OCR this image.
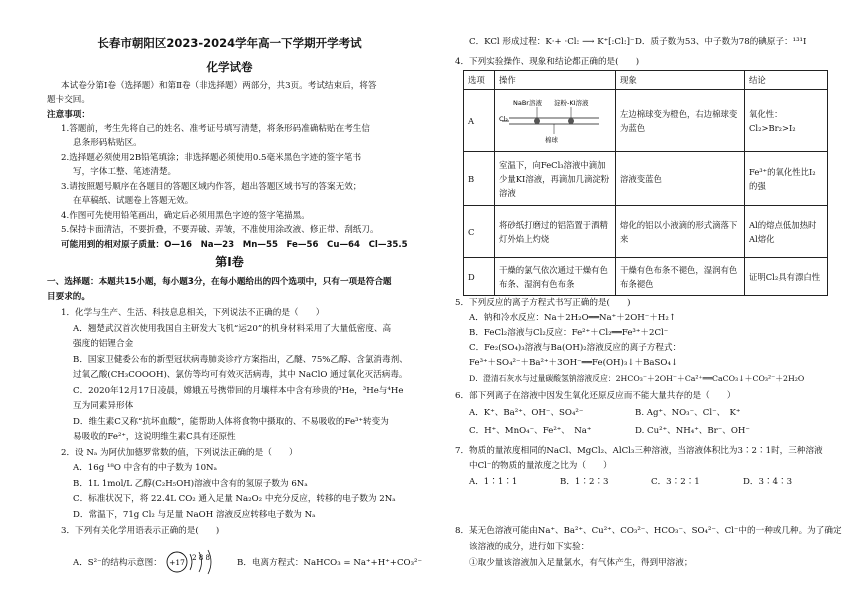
长春市朝阳区2023-2024学年高一下学期开学考试
化学试卷
本试卷分第Ⅰ卷（选择题）和第Ⅱ卷（非选择题）两部分，共3页。考试结束后，将答
题卡交回。
注意事项：
1.答题前，考生先将自己的姓名、准考证号填写清楚，将条形码准确粘贴在考生信
息条形码粘贴区。
2.选择题必须使用2B铅笔填涂；非选择题必须使用0.5毫米黑色字迹的签字笔书
写，字体工整、笔迹清楚。
3.请按照题号顺序在各题目的答题区域内作答，超出答题区域书写的答案无效；
在草稿纸、试题卷上答题无效。
4.作图可先使用铅笔画出，确定后必须用黑色字迹的签字笔描黑。
5.保持卡面清洁，不要折叠，不要弄破、弄皱，不准使用涂改液、修正带、刮纸刀。
可能用到的相对原子质量：O—16　Na—23　Mn—55　Fe—56　Cu—64　Cl—35.5
第Ⅰ卷
一、选择题：本题共15小题，每小题3分，在每小题给出的四个选项中，只有一项是符合题
目要求的。
1．化学与生产、生活、科技息息相关，下列说法不正确的是（　　）
A．翘楚武汉首次使用我国自主研发大飞机“运20”的机身材料采用了大量低密度、高
强度的铝锂合金
B．国家卫健委公布的新型冠状病毒肺炎诊疗方案指出，乙醚、75%乙醇、含氯消毒剂、
过氧乙酸(CH₃COOOH)、氯仿等均可有效灭活病毒，其中 NaClO 通过氧化灭活病毒。
C．2020年12月17日凌晨，嫦娥五号携带回的月壤样本中含有珍贵的³He，³He与⁴He
互为同素异形体
D．维生素C又称“抗坏血酸”，能帮助人体将食物中摄取的、不易吸收的Fe³⁺转变为
易吸收的Fe²⁺，这说明维生素C具有还原性
2．设 Nₐ 为阿伏加德罗常数的值，下列说法正确的是（　　）
A．16g ¹⁸O 中含有的中子数为 10Nₐ
B．1L 1mol/L 乙醇(C₂H₅OH)溶液中含有的氢原子数为 6Nₐ
C．标准状况下，将 22.4L CO₂ 通入足量 Na₂O₂ 中充分反应，转移的电子数为 2Nₐ
D．常温下，71g Cl₂ 与足量 NaOH 溶液反应转移电子数为 Nₐ
3．下列有关化学用语表示正确的是(　　)
A．S²⁻的结构示意图： +17 2 8 8	B．电离方程式：NaHCO₃ = Na⁺+H⁺+CO₃²⁻
C．KCl 形成过程：K·+ ·Cl: ⟶ K⁺[:Cl:]⁻ D．质子数为53、中子数为78的碘原子：¹³¹I
4．下列实验操作、现象和结论都正确的是(　　)
选项	操作	现象	结论
A	NaBr溶液 淀粉-KI溶液
Cl₂
棉球	左边棉球变为橙色，右边棉球变为蓝色	氧化性：Cl₂>Br₂>I₂
B	室温下，向FeCl₃溶液中滴加少量KI溶液，再滴加几滴淀粉溶液	溶液变蓝色	Fe³⁺的氧化性比I₂的强
C	将砂纸打磨过的铝箔置于酒精灯外焰上灼烧	熔化的铝以小液滴的形式滴落下来	Al的熔点低加热时Al熔化
D	干燥的氯气依次通过干燥有色布条、湿润有色布条	干燥有色布条不褪色，湿润有色布条褪色	证明Cl₂具有漂白性
5．下列反应的离子方程式书写正确的是(　　)
A．钠和冷水反应：Na＋2H₂O══Na⁺＋2OH⁻＋H₂↑
B．FeCl₂溶液与Cl₂反应：Fe²⁺＋Cl₂══Fe³⁺＋2Cl⁻
C．Fe₂(SO₄)₃溶液与Ba(OH)₂溶液反应的离子方程式：
Fe³⁺＋SO₄²⁻＋Ba²⁺＋3OH⁻══Fe(OH)₃↓＋BaSO₄↓
D．澄清石灰水与过量碳酸氢钠溶液反应：2HCO₃⁻＋2OH⁻＋Ca²⁺══CaCO₃↓＋CO₃²⁻＋2H₂O
6．部下列离子在溶液中因发生氧化还原反应而不能大量共存的是（　　）
A．K⁺、Ba²⁺、OH⁻、SO₄²⁻	B. Ag⁺、NO₃⁻、Cl⁻、　K⁺
C．H⁺、MnO₄⁻、Fe²⁺、　Na⁺	D. Cu²⁺、NH₄⁺、Br⁻、OH⁻
7．物质的量浓度相同的NaCl、MgCl₂、AlCl₃三种溶液，当溶液体积比为3∶2∶1时，三种溶液
中Cl⁻的物质的量浓度之比为（　　）
A．1∶1∶1	B．1∶2∶3	C．3∶2∶1	D．3∶4∶3
8．某无色溶液可能由Na⁺、Ba²⁺、Cu²⁺、CO₃²⁻、HCO₃⁻、SO₄²⁻、Cl⁻中的一种或几种。为了确定
该溶液的成分，进行如下实验：
①取少量该溶液加入足量氯水，有气体产生，得到甲溶液；
